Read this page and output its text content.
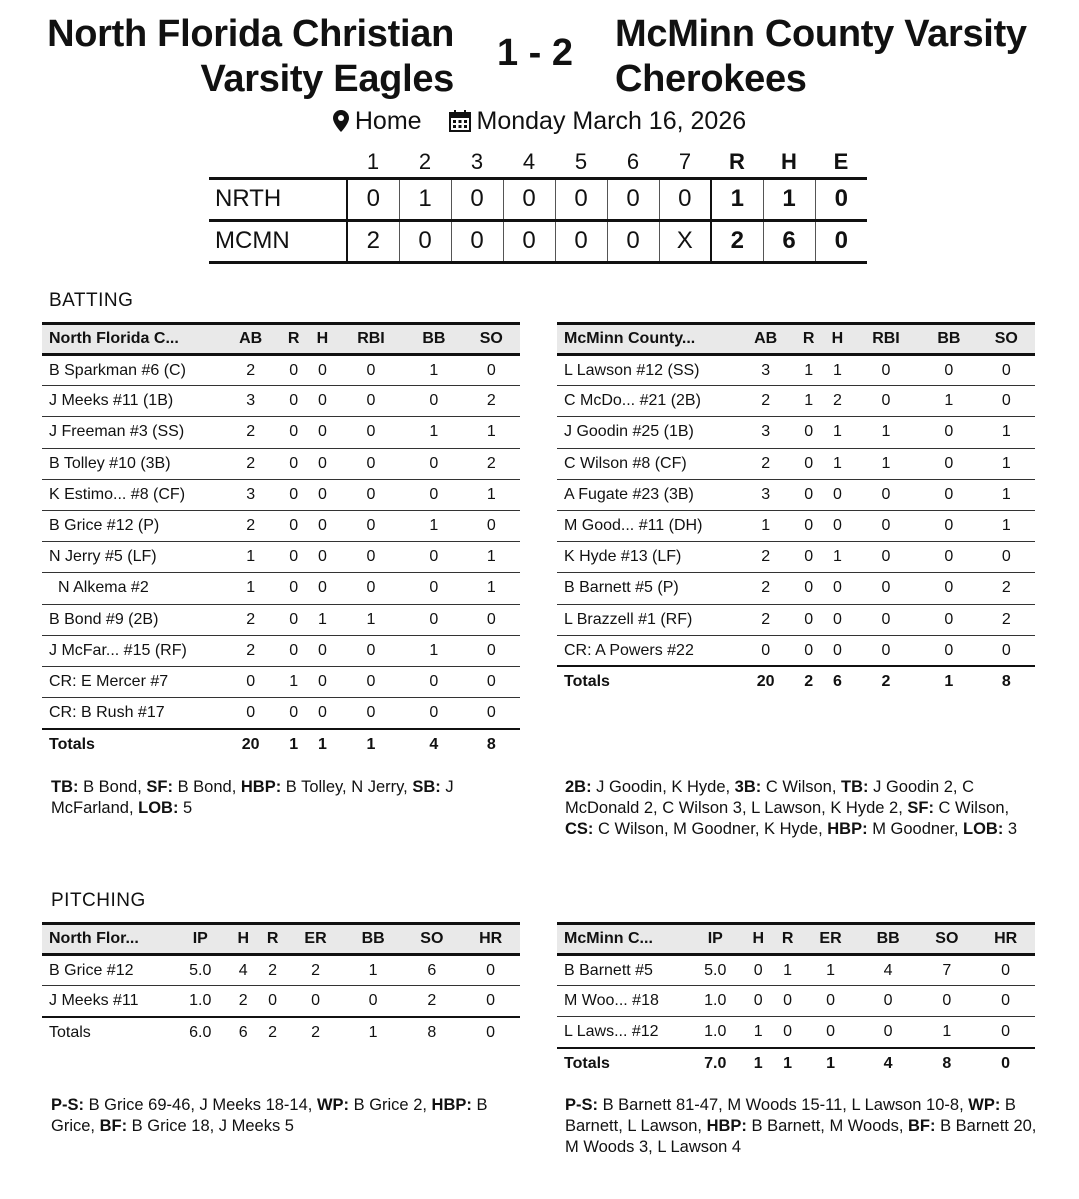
North Florida Christian
Varsity Eagles
1 - 2	McMinn County Varsity
Cherokees
Home Monday March 16, 2026
	1	2	3	4	5	6	7	R	H	E
NRTH	0	1	0	0	0	0	0	1	1	0
MCMN	2	0	0	0	0	0	X	2	6	0
BATTING
North Florida C...	AB	R	H	RBI	BB	SO
B Sparkman #6 (C)	2	0	0	0	1	0
J Meeks #11 (1B)	3	0	0	0	0	2
J Freeman #3 (SS)	2	0	0	0	1	1
B Tolley #10 (3B)	2	0	0	0	0	2
K Estimo... #8 (CF)	3	0	0	0	0	1
B Grice #12 (P)	2	0	0	0	1	0
N Jerry #5 (LF)	1	0	0	0	0	1
N Alkema #2	1	0	0	0	0	1
B Bond #9 (2B)	2	0	1	1	0	0
J McFar... #15 (RF)	2	0	0	0	1	0
CR: E Mercer #7	0	1	0	0	0	0
CR: B Rush #17	0	0	0	0	0	0
Totals	20	1	1	1	4	8
McMinn County...	AB	R	H	RBI	BB	SO
L Lawson #12 (SS)	3	1	1	0	0	0
C McDo... #21 (2B)	2	1	2	0	1	0
J Goodin #25 (1B)	3	0	1	1	0	1
C Wilson #8 (CF)	2	0	1	1	0	1
A Fugate #23 (3B)	3	0	0	0	0	1
M Good... #11 (DH)	1	0	0	0	0	1
K Hyde #13 (LF)	2	0	1	0	0	0
B Barnett #5 (P)	2	0	0	0	0	2
L Brazzell #1 (RF)	2	0	0	0	0	2
CR: A Powers #22	0	0	0	0	0	0
Totals	20	2	6	2	1	8
TB: B Bond, SF: B Bond, HBP: B Tolley, N Jerry, SB: J McFarland, LOB: 5
2B: J Goodin, K Hyde, 3B: C Wilson, TB: J Goodin 2, C McDonald 2, C Wilson 3, L Lawson, K Hyde 2, SF: C Wilson, CS: C Wilson, M Goodner, K Hyde, HBP: M Goodner, LOB: 3
PITCHING
North Flor...	IP	H	R	ER	BB	SO	HR
B Grice #12	5.0	4	2	2	1	6	0
J Meeks #11	1.0	2	0	0	0	2	0
Totals	6.0	6	2	2	1	8	0
McMinn C...	IP	H	R	ER	BB	SO	HR
B Barnett #5	5.0	0	1	1	4	7	0
M Woo... #18	1.0	0	0	0	0	0	0
L Laws... #12	1.0	1	0	0	0	1	0
Totals	7.0	1	1	1	4	8	0
P-S: B Grice 69-46, J Meeks 18-14, WP: B Grice 2, HBP: B Grice, BF: B Grice 18, J Meeks 5
P-S: B Barnett 81-47, M Woods 15-11, L Lawson 10-8, WP: B Barnett, L Lawson, HBP: B Barnett, M Woods, BF: B Barnett 20, M Woods 3, L Lawson 4
